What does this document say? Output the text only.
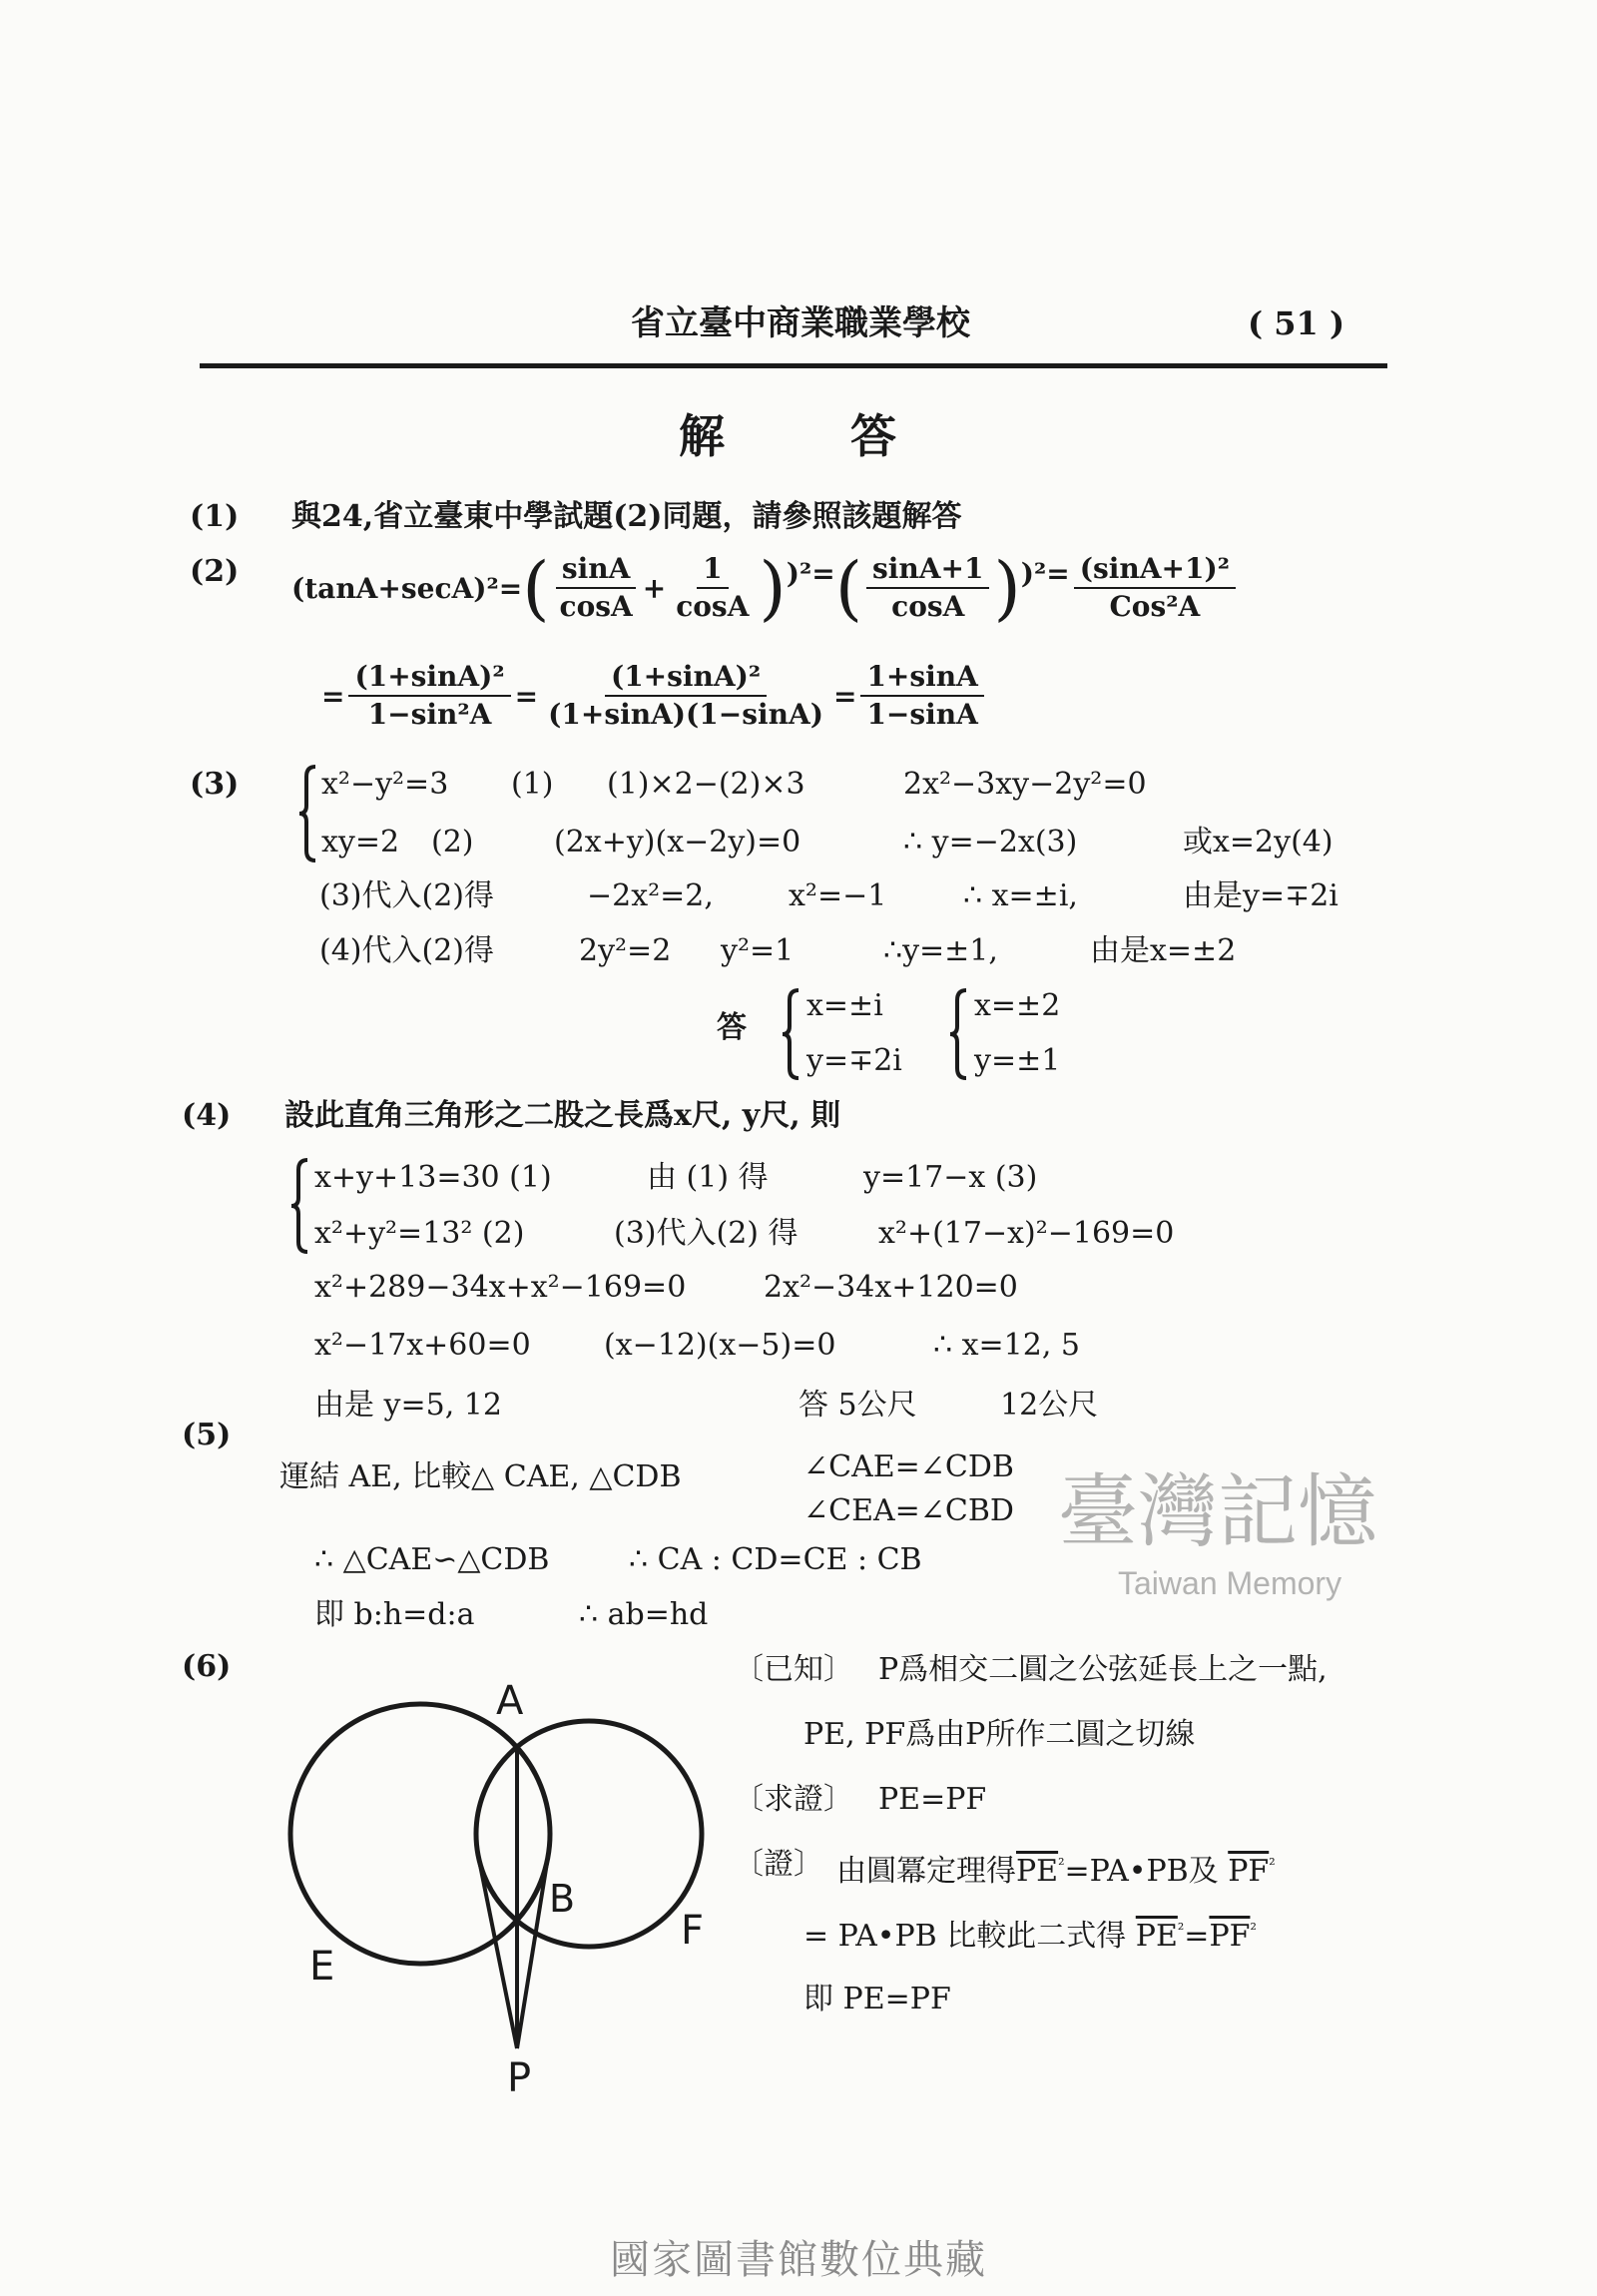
省立臺中商業職業學校	( 51 )
解	答
(1) 與24,省立臺東中學試題(2)同題，請參照該題解答
(2) (tanA+secA)²= ( $\frac{\sin A}{\cos A} + \frac{1}{\cos A}$ ) )²= ( $\frac{\sin A+1}{\cos A}$ ) )$^2= \frac{\text{(sinA+1)²}}{\text{Cos²A}}$
= $\frac{\text{(1+sinA)²}}{\text{1−sin²A}} = \frac{\text{(1+sinA)²}}{(1+\sin A)(1-\sin A)} = \frac{1+\sin A}{1-\sin A}$
(3)	x²−y²=3 (1) (1)×2−(2)×3	2x²−3xy−2y²=0
xy=2 (2)	(2x+y)(x−2y)=0	∴ y=−2x(3)	或x=2y(4)
(3)代入(2)得	−2x²=2,	x²=−1	∴ x=±i,	由是y=∓2i
(4)代入(2)得	2y²=2 y²=1	∴y=±1,	由是x=±2
答
x=±i
y=∓2i
x=±2
y=±1
(4) 設此直角三角形之二股之長爲x尺, y尺, 則
x+y+13=30 (1)	由 (1) 得	y=17−x (3)
x²+y²=13² (2)	(3)代入(2) 得	x²+(17−x)²−169=0
x²+289−34x+x²−169=0	2x²−34x+120=0
x²−17x+60=0 (x−12)(x−5)=0	∴ x=12, 5
由是 y=5, 12	答 5公尺	12公尺
臺灣記憶
Taiwan Memory
(5)
運結 AE, 比較△ CAE, △CDB	∠CAE=∠CDB
∠CEA=∠CBD
∴ △CAE∽△CDB	∴ CA : CD=CE : CB
即 b:h=d:a	∴ ab=hd
(6)	〔已知〕 P爲相交二圓之公弦延長上之一點,
PE, PF爲由P所作二圓之切線
〔求證〕 PE=PF
〔證〕 由圓冪定理得$\overline{PE}^{^2}=PA•PB$及 $\overline{PF}^{^2}$
= PA•PB 比較此二式得 $\overline{PE}^{^2}=\overline{PF}^{^2}$
即 PE=PF
A
B
E
F
P
國家圖書館數位典藏
